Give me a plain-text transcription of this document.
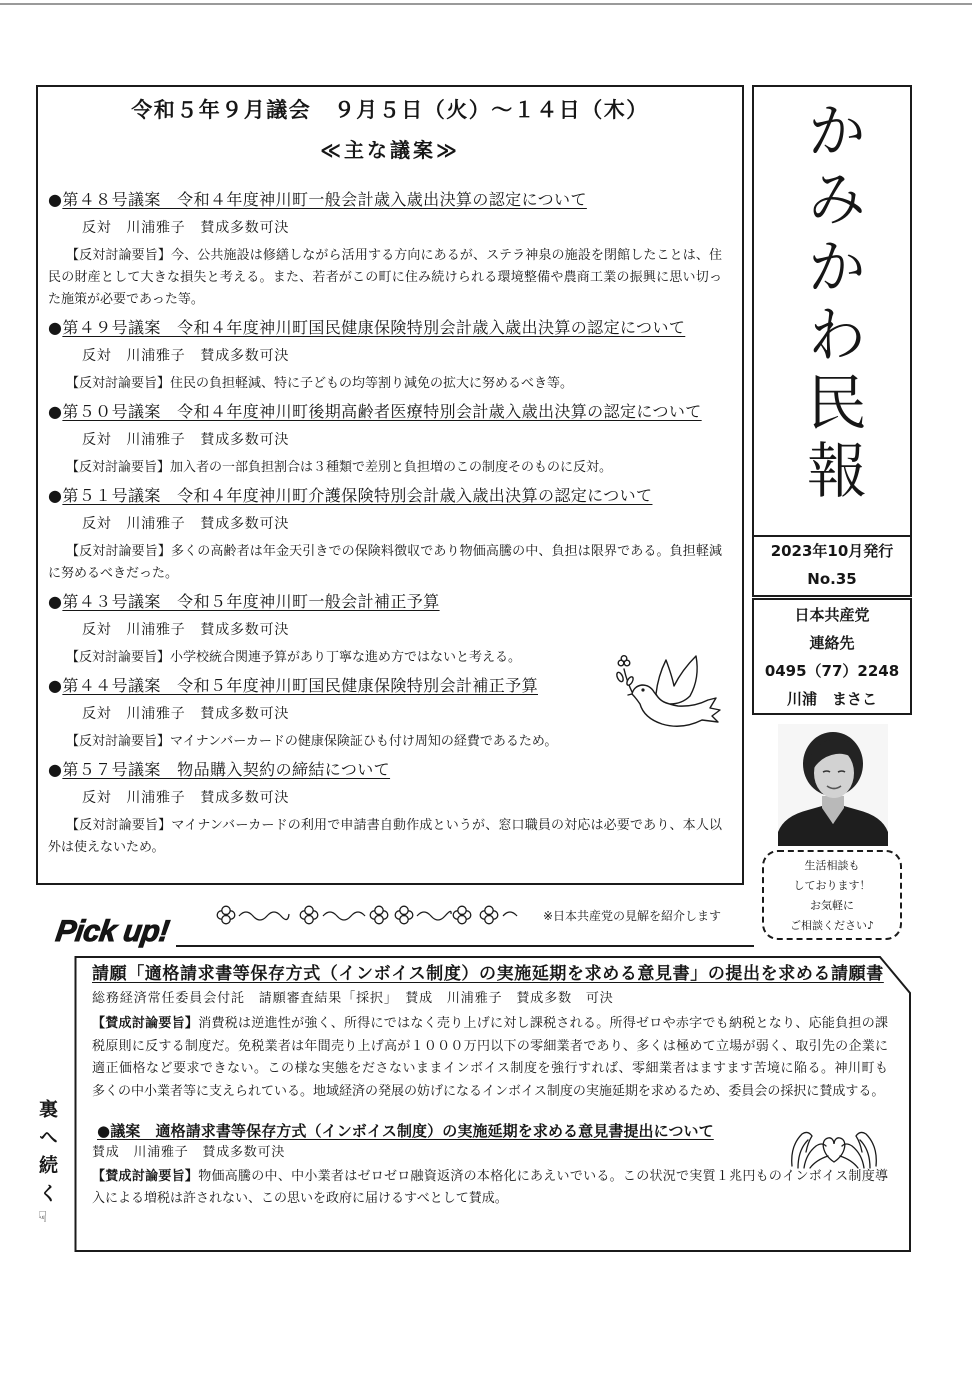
令和５年９月議会　９月５日（火）～１４日（木）
≪主な議案≫
●第４８号議案　令和４年度神川町一般会計歳入歳出決算の認定について
反対　川浦雅子　賛成多数可決
【反対討論要旨】今、公共施設は修繕しながら活用する方向にあるが、ステラ神泉の施設を閉館したことは、住
民の財産として大きな損失と考える。また、若者がこの町に住み続けられる環境整備や農商工業の振興に思い切っ
た施策が必要であった等。
●第４９号議案　令和４年度神川町国民健康保険特別会計歳入歳出決算の認定について
反対　川浦雅子　賛成多数可決
【反対討論要旨】住民の負担軽減、特に子どもの均等割り減免の拡大に努めるべき等。
●第５０号議案　令和４年度神川町後期高齢者医療特別会計歳入歳出決算の認定について
反対　川浦雅子　賛成多数可決
【反対討論要旨】加入者の一部負担割合は３種類で差別と負担増のこの制度そのものに反対。
●第５１号議案　令和４年度神川町介護保険特別会計歳入歳出決算の認定について
反対　川浦雅子　賛成多数可決
【反対討論要旨】多くの高齢者は年金天引きでの保険料徴収であり物価高騰の中、負担は限界である。負担軽減
に努めるべきだった。
●第４３号議案　令和５年度神川町一般会計補正予算
反対　川浦雅子　賛成多数可決
【反対討論要旨】小学校統合関連予算があり丁寧な進め方ではないと考える。
●第４４号議案　令和５年度神川町国民健康保険特別会計補正予算
反対　川浦雅子　賛成多数可決
【反対討論要旨】マイナンバーカードの健康保険証ひも付け周知の経費であるため。
●第５７号議案　物品購入契約の締結について
反対　川浦雅子　賛成多数可決
【反対討論要旨】マイナンバーカードの利用で申請書自動作成というが、窓口職員の対応は必要であり、本人以
外は使えないため。
かみかわ民報
2023年10月発行
No.35
日本共産党
連絡先
0495（77）2248
川浦　まさこ
生活相談も
しております！
お気軽に
ご相談ください♪
※日本共産党の見解を紹介します
Pick up!
請願「適格請求書等保存方式（インボイス制度）の実施延期を求める意見書」の提出を求める請願書
総務経済常任委員会付託　請願審査結果「採択」　賛成　川浦雅子　賛成多数　可決
【賛成討論要旨】消費税は逆進性が強く、所得にではなく売り上げに対し課税される。所得ゼロや赤字でも納税となり、応能負担の課
税原則に反する制度だ。免税業者は年間売り上げ高が１０００万円以下の零細業者であり、多くは極めて立場が弱く、取引先の企業に
適正価格など要求できない。この様な実態をださないままインボイス制度を強行すれば、零細業者はますます苦境に陥る。神川町も
多くの中小業者等に支えられている。地域経済の発展の妨げになるインボイス制度の実施延期を求めるため、委員会の採択に賛成する。
●議案　適格請求書等保存方式（インボイス制度）の実施延期を求める意見書提出について
賛成　川浦雅子　賛成多数可決
【賛成討論要旨】物価高騰の中、中小業者はゼロゼロ融資返済の本格化にあえいでいる。この状況で実質１兆円ものインボイス制度導
入による増税は許されない、この思いを政府に届けるすべとして賛成。
裏へ続く
☟
